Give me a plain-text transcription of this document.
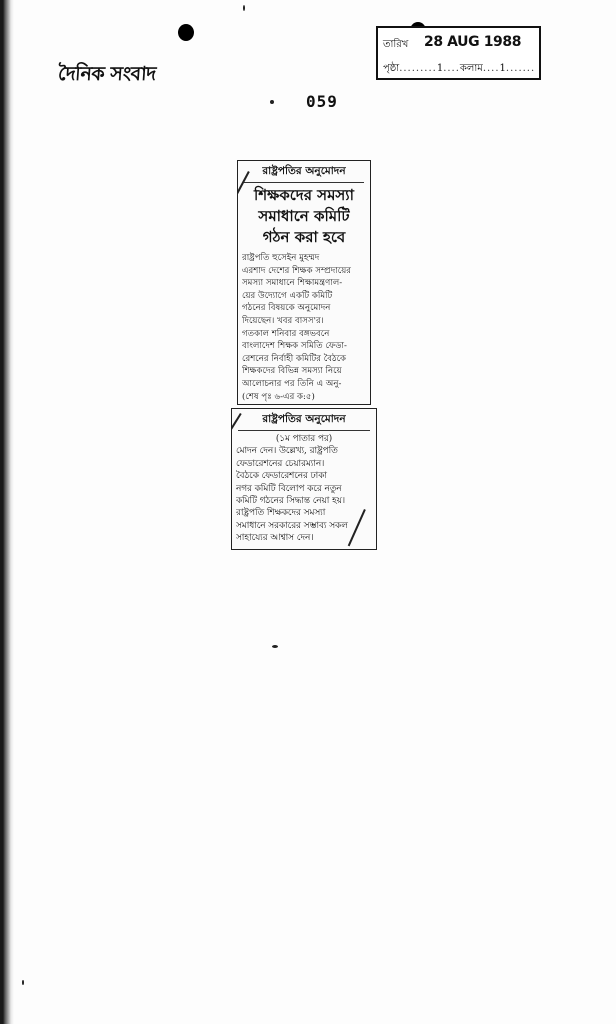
দৈনিক সংবাদ
তারিখ 28 AUG 1988
পৃষ্ঠা.........1....কলাম....1.......
059
রাষ্ট্রপতির অনুমোদন
শিক্ষকদের সমস্যা
সমাধানে কমিটি
গঠন করা হবে
রাষ্ট্রপতি হুসেইন মুহম্মদ
এরশাদ দেশের শিক্ষক সম্প্রদায়ের
সমস্যা সমাধানে শিক্ষামন্ত্রণাল-
য়ের উদ্যোগে একটি কমিটি
গঠনের বিষয়কে অনুমোদন
দিয়েছেন। খবর বাসস'র।
গতকাল শনিবার বঙ্গভবনে
বাংলাদেশ শিক্ষক সমিতি ফেডা-
রেশনের নির্বাহী কমিটির বৈঠকে
শিক্ষকদের বিভিন্ন সমস্যা নিয়ে
আলোচনার পর তিনি এ অনু-
(শেষ পৃঃ ৬-এর ক:৫)
রাষ্ট্রপতির অনুমোদন
(১ম পাতার পর)
মোদন দেন। উল্লেখ্য, রাষ্ট্রপতি
ফেডারেশনের চেয়ারম্যান।
বৈঠকে ফেডারেশনের ঢাকা
নগর কমিটি বিলোপ করে নতুন
কমিটি গঠনের সিদ্ধান্ত নেয়া হয়।
রাষ্ট্রপতি শিক্ষকদের সমস্যা
সমাধানে সরকারের সম্ভাব্য সকল
সাহায্যের আশ্বাস দেন।
